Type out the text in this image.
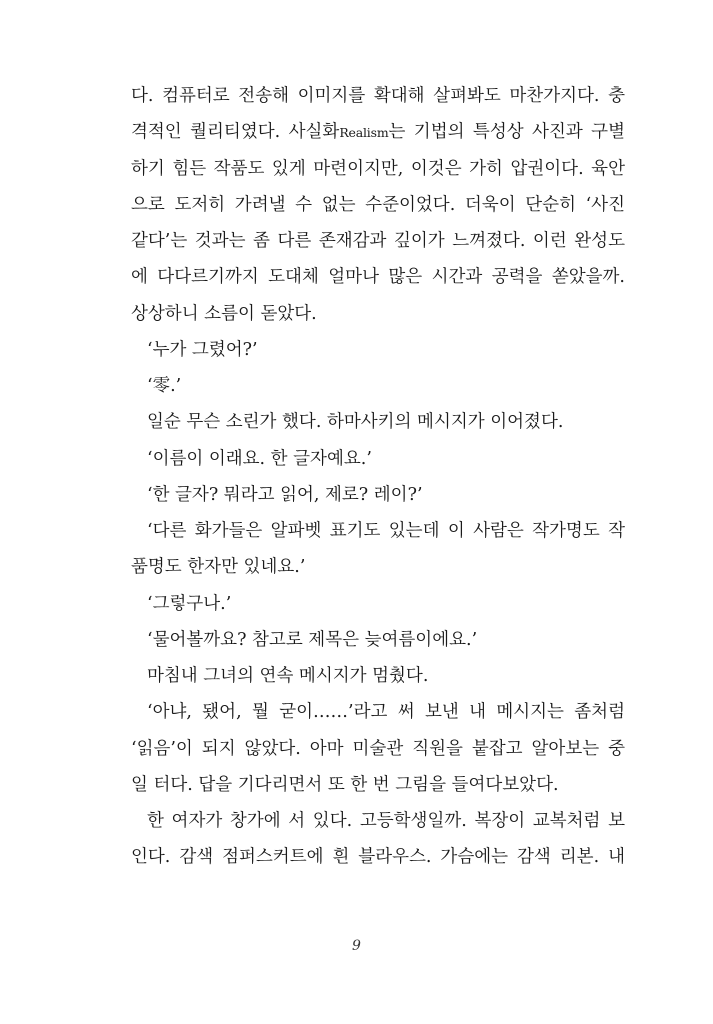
다. 컴퓨터로 전송해 이미지를 확대해 살펴봐도 마찬가지다. 충
격적인 퀄리티였다. 사실화Realism는 기법의 특성상 사진과 구별
하기 힘든 작품도 있게 마련이지만, 이것은 가히 압권이다. 육안
으로 도저히 가려낼 수 없는 수준이었다. 더욱이 단순히 ‘사진
같다’는 것과는 좀 다른 존재감과 깊이가 느껴졌다. 이런 완성도
에 다다르기까지 도대체 얼마나 많은 시간과 공력을 쏟았을까.
상상하니 소름이 돋았다.
‘누가 그렸어?’
‘零.’
일순 무슨 소린가 했다. 하마사키의 메시지가 이어졌다.
‘이름이 이래요. 한 글자예요.’
‘한 글자? 뭐라고 읽어, 제로? 레이?’
‘다른 화가들은 알파벳 표기도 있는데 이 사람은 작가명도 작
품명도 한자만 있네요.’
‘그렇구나.’
‘물어볼까요? 참고로 제목은 늦여름이에요.’
마침내 그녀의 연속 메시지가 멈췄다.
‘아냐, 됐어, 뭘 굳이……’라고 써 보낸 내 메시지는 좀처럼
‘읽음’이 되지 않았다. 아마 미술관 직원을 붙잡고 알아보는 중
일 터다. 답을 기다리면서 또 한 번 그림을 들여다보았다.
한 여자가 창가에 서 있다. 고등학생일까. 복장이 교복처럼 보
인다. 감색 점퍼스커트에 흰 블라우스. 가슴에는 감색 리본. 내
9
